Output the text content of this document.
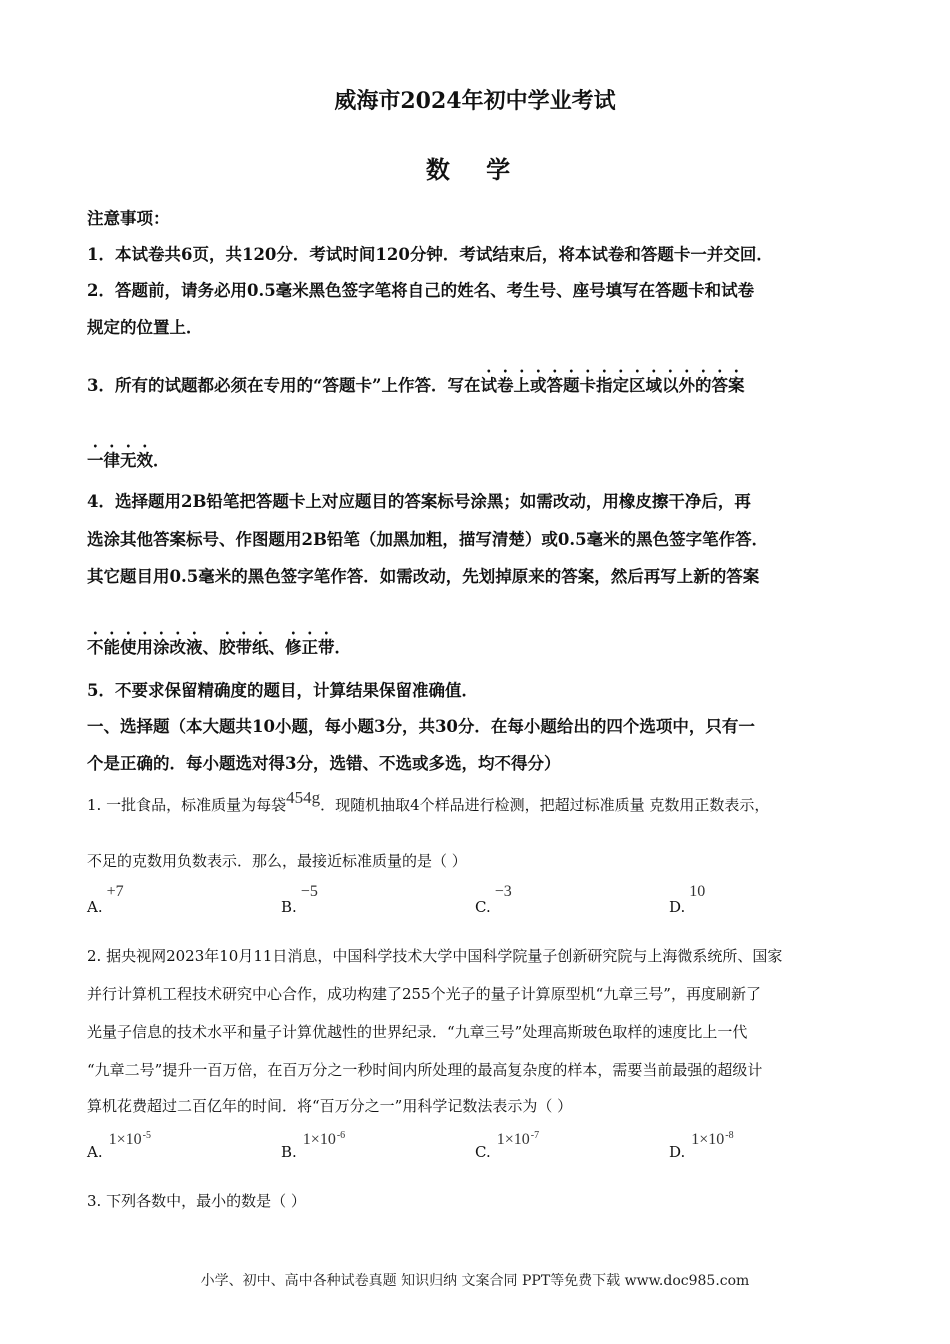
威海市2024年初中学业考试
数 学
注意事项：
1．本试卷共6页，共120分．考试时间120分钟．考试结束后，将本试卷和答题卡一并交回．
2．答题前，请务必用0.5毫米黑色签字笔将自己的姓名、考生号、座号填写在答题卡和试卷
规定的位置上．
3．所有的试题都必须在专用的“答题卡”上作答．写在试卷上或答题卡指定区域以外的答案
一律无效．
4．选择题用2B铅笔把答题卡上对应题目的答案标号涂黑；如需改动，用橡皮擦干净后，再
选涂其他答案标号、作图题用2B铅笔（加黑加粗，描写清楚）或0.5毫米的黑色签字笔作答．
其它题目用0.5毫米的黑色签字笔作答．如需改动，先划掉原来的答案，然后再写上新的答案
不能使用涂改液、胶带纸、修正带．
5．不要求保留精确度的题目，计算结果保留准确值．
一、选择题（本大题共10小题，每小题3分，共30分．在每小题给出的四个选项中，只有一
个是正确的．每小题选对得3分，选错、不选或多选，均不得分）
1. 一批食品，标准质量为每袋454g．现随机抽取4个样品进行检测，把超过标准质量 克数用正数表示，
不足的克数用负数表示．那么，最接近标准质量的是（ ）
A.+7
B.−5
C.−3
D.10
2. 据央视网2023年10月11日消息，中国科学技术大学中国科学院量子创新研究院与上海微系统所、国家
并行计算机工程技术研究中心合作，成功构建了255个光子的量子计算原型机“九章三号”，再度刷新了
光量子信息的技术水平和量子计算优越性的世界纪录．“九章三号”处理高斯玻色取样的速度比上一代
“九章二号”提升一百万倍，在百万分之一秒时间内所处理的最高复杂度的样本，需要当前最强的超级计
算机花费超过二百亿年的时间．将“百万分之一”用科学记数法表示为（ ）
$A.1\times 10^{-5}$
$B.1\times 10^{-6}$
$C.1\times 10^{-7}$
$D.1\times 10^{-8}$
3. 下列各数中，最小的数是（ ）
小学、初中、高中各种试卷真题 知识归纳 文案合同 PPT等免费下载 www.doc985.com
